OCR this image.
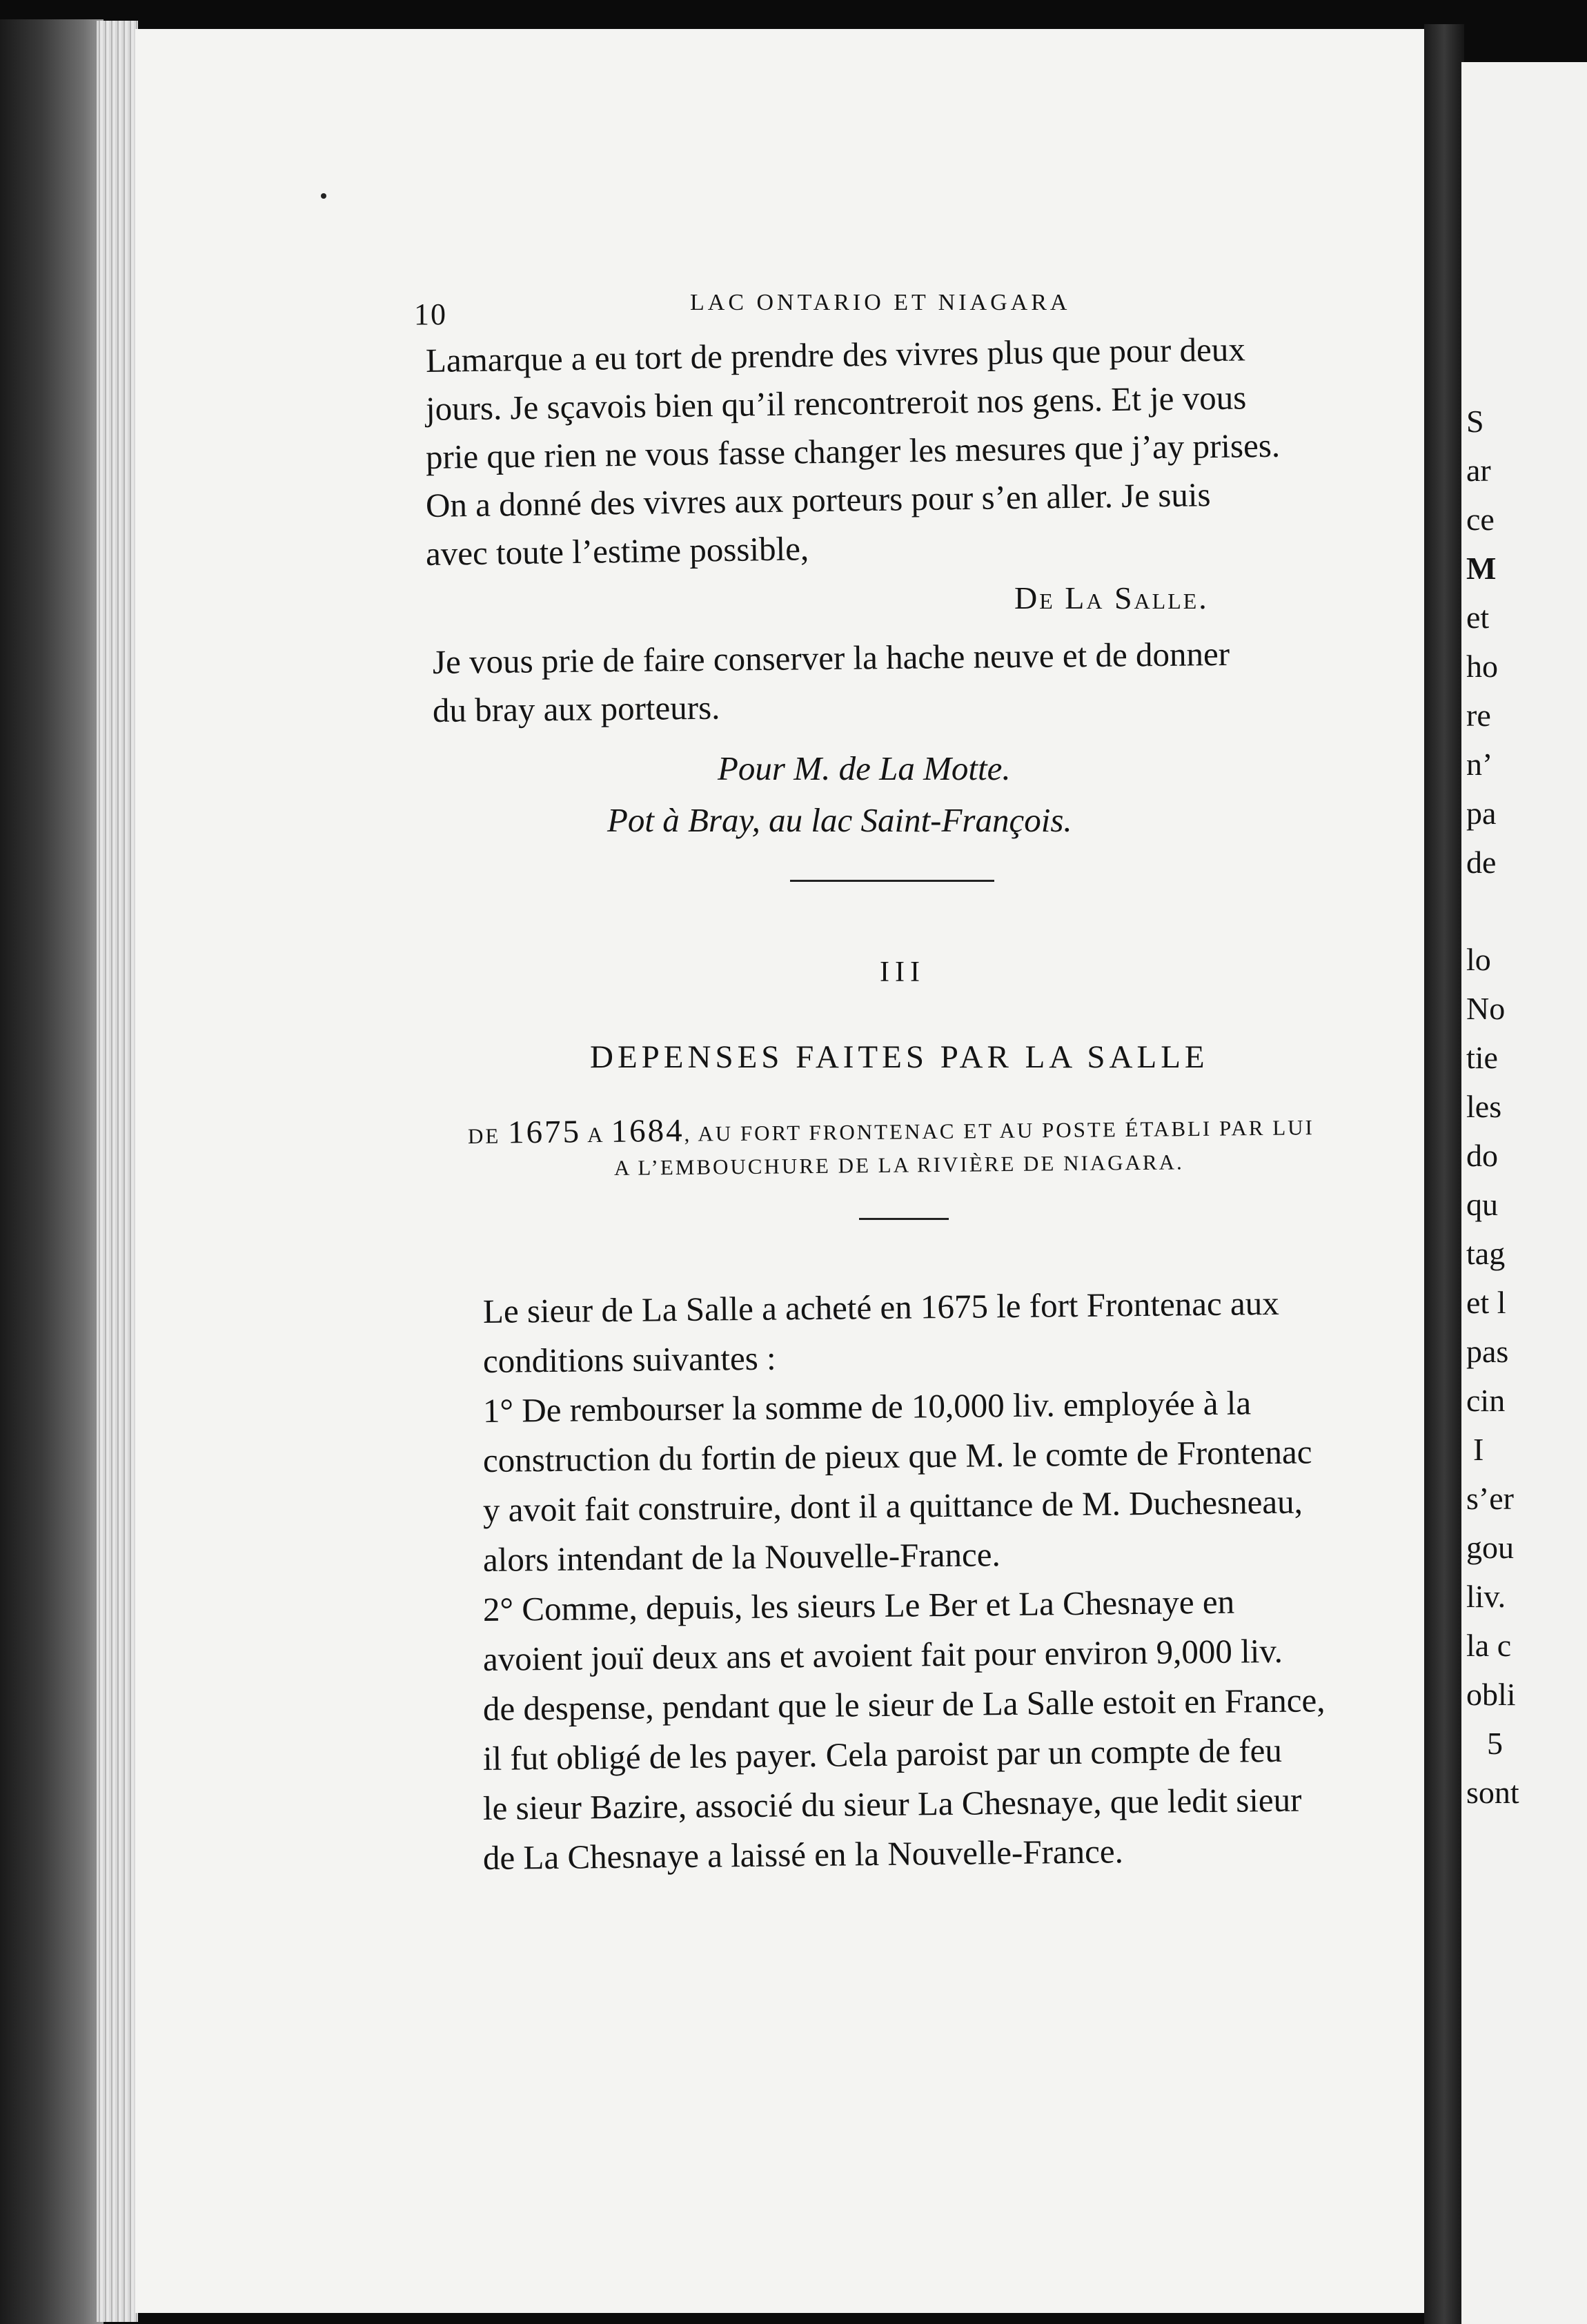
10	LAC ONTARIO ET NIAGARA
Lamarque a eu tort de prendre des vivres plus que pour deux
jours. Je sçavois bien qu’il rencontreroit nos gens. Et je vous
prie que rien ne vous fasse changer les mesures que j’ay prises.
On a donné des vivres aux porteurs pour s’en aller. Je suis
avec toute l’estime possible,
De La Salle.
Je vous prie de faire conserver la hache neuve et de donner
du bray aux porteurs.
Pour M. de La Motte.
Pot à Bray, au lac Saint-François.
III
DEPENSES FAITES PAR LA SALLE
DE 1675 A 1684, AU FORT FRONTENAC ET AU POSTE ÉTABLI PAR LUI
A L’EMBOUCHURE DE LA RIVIÈRE DE NIAGARA.
Le sieur de La Salle a acheté en 1675 le fort Frontenac aux
conditions suivantes :
1° De rembourser la somme de 10,000 liv. employée à la
construction du fortin de pieux que M. le comte de Frontenac
y avoit fait construire, dont il a quittance de M. Duchesneau,
alors intendant de la Nouvelle-France.
2° Comme, depuis, les sieurs Le Ber et La Chesnaye en
avoient jouï deux ans et avoient fait pour environ 9,000 liv.
de despense, pendant que le sieur de La Salle estoit en France,
il fut obligé de les payer. Cela paroist par un compte de feu
le sieur Bazire, associé du sieur La Chesnaye, que ledit sieur
de La Chesnaye a laissé en la Nouvelle-France.
S
ar
ce
M
et
ho
re
n’
pa
de
lo
No
tie
les
do
qu
tag
et l
pas
cin
I
s’er
gou
liv.
la c
obli
5
sont
